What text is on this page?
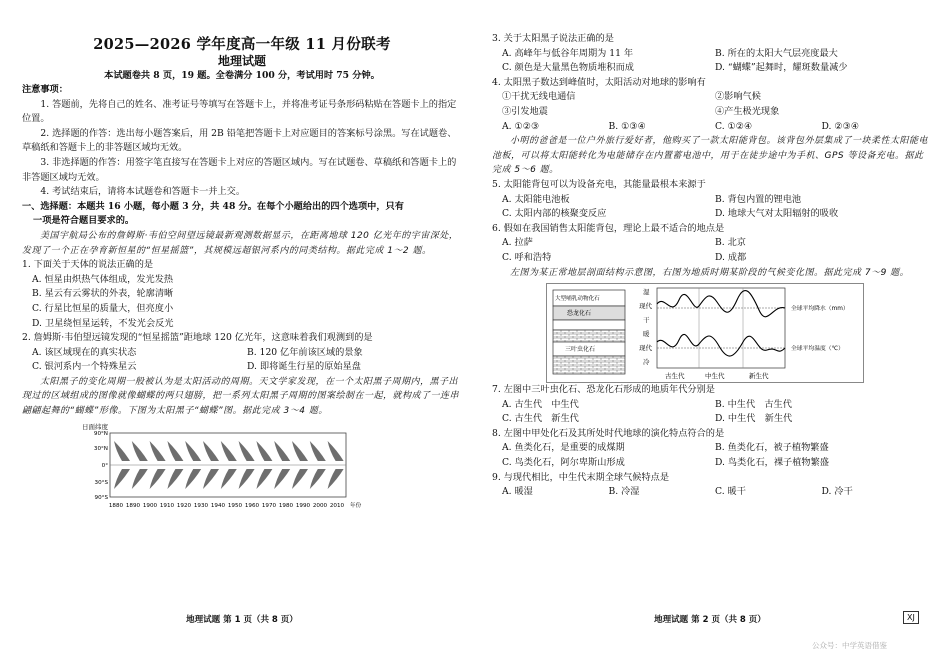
2025—2026 学年度高一年级 11 月份联考
地理试题
本试题卷共 8 页，19 题。全卷满分 100 分，考试用时 75 分钟。
注意事项：

1. 答题前，先将自己的姓名、准考证号等填写在答题卡上，并将准考证号条形码粘贴在答题卡上的指定位置。

2. 选择题的作答：选出每小题答案后，用 2B 铅笔把答题卡上对应题目的答案标号涂黑。写在试题卷、草稿纸和答题卡上的非答题区域均无效。

3. 非选择题的作答：用签字笔直接写在答题卡上对应的答题区域内。写在试题卷、草稿纸和答题卡上的非答题区域均无效。

4. 考试结束后，请将本试题卷和答题卡一并上交。

一、选择题：本题共 16 小题，每小题 3 分，共 48 分。在每个小题给出的四个选项中，只有
一项是符合题目要求的。

美国宇航局公布的詹姆斯·韦伯空间望远镜最新观测数据显示，在距离地球 120 亿光年的宇宙深处，发现了一个正在孕育新恒星的“恒星摇篮”，其规模远超银河系内的同类结构。据此完成 1～2 题。

1. 下面关于天体的说法正确的是
A. 恒星由炽热气体组成，发光发热
B. 星云有云雾状的外表，轮廓清晰
C. 行星比恒星的质量大，但亮度小
D. 卫星绕恒星运转，不发光会反光
2. 詹姆斯·韦伯望远镜发现的“恒星摇篮”距地球 120 亿光年，这意味着我们观测到的是
A. 该区域现在的真实状态	B. 120 亿年前该区域的景象
C. 银河系内一个特殊星云	D. 即将诞生行星的原始星盘

太阳黑子的变化周期一般被认为是太阳活动的周期。天文学家发现，在一个太阳黑子周期内，黑子出现过的区域组成的图像就像蝴蝶的两只翅膀，把一系列太阳黑子周期的图案绘制在一起，就构成了一连串翩翩起舞的“蝴蝶”形像。下图为太阳黑子“蝴蝶”图。据此完成 3～4 题。

日面纬度
90°N
30°N
0°
30°S
90°S
1880 1890 1900 1910 1920 1930 1940 1950 1960 1970 1980 1990 2000 2010 年份
地理试题 第 1 页（共 8 页）
3. 关于太阳黑子说法正确的是
A. 高峰年与低谷年周期为 11 年	B. 所在的太阳大气层亮度最大
C. 颜色是大量黑色物质堆积而成	D. “蝴蝶”起舞时，耀斑数量减少
4. 太阳黑子数达到峰值时，太阳活动对地球的影响有
①干扰无线电通信	②影响气候
③引发地震	④产生极光现象
A. ①②③	B. ①③④	C. ①②④	D. ②③④

小明的爸爸是一位户外旅行爱好者，他购买了一款太阳能背包。该背包外层集成了一块柔性太阳能电池板，可以将太阳能转化为电能储存在内置蓄电池中，用于在徒步途中为手机、GPS 等设备充电。据此完成 5～6 题。

5. 太阳能背包可以为设备充电，其能量最根本来源于
A. 太阳能电池板	B. 背包内置的锂电池
C. 太阳内部的核聚变反应	D. 地球大气对太阳辐射的吸收
6. 假如在我国销售太阳能背包，理论上最不适合的地点是
A. 拉萨	B. 北京
C. 呼和浩特	D. 成都

左图为某正常地层剖面结构示意图，右图为地质时期某阶段的气候变化图。据此完成 7～9 题。

大型哺乳动物化石
恐龙化石
三叶虫化石
湿
现代
干
暖
现代
冷
全球平均降水（mm）
全球平均温度（℃）
古生代	中生代	新生代
7. 左图中三叶虫化石、恐龙化石形成的地质年代分别是
A. 古生代　中生代	B. 中生代　古生代
C. 古生代　新生代	D. 中生代　新生代
8. 左图中甲处化石及其所处时代地球的演化特点符合的是
A. 鱼类化石，是重要的成煤期	B. 鱼类化石，被子植物繁盛
C. 鸟类化石，阿尔卑斯山形成	D. 鸟类化石，裸子植物繁盛
9. 与现代相比，中生代末期全球气候特点是
A. 暖湿	B. 冷湿	C. 暖干	D. 冷干
地理试题 第 2 页（共 8 页）	XJ
公众号：中学英语借鉴
